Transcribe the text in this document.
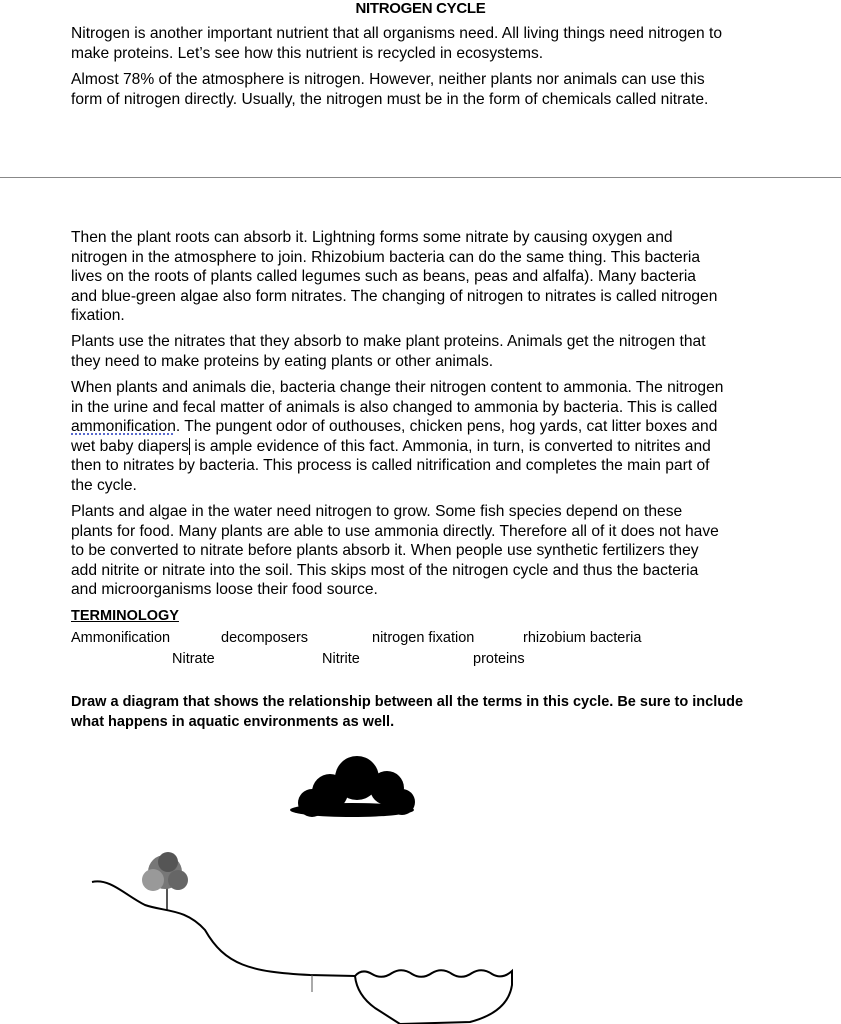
NITROGEN CYCLE
Nitrogen is another important nutrient that all organisms need. All living things need nitrogen to
make proteins. Let’s see how this nutrient is recycled in ecosystems.
Almost 78% of the atmosphere is nitrogen. However, neither plants nor animals can use this
form of nitrogen directly. Usually, the nitrogen must be in the form of chemicals called nitrate.
Then the plant roots can absorb it. Lightning forms some nitrate by causing oxygen and
nitrogen in the atmosphere to join. Rhizobium bacteria can do the same thing. This bacteria
lives on the roots of plants called legumes such as beans, peas and alfalfa). Many bacteria
and blue-green algae also form nitrates. The changing of nitrogen to nitrates is called nitrogen
fixation.
Plants use the nitrates that they absorb to make plant proteins. Animals get the nitrogen that
they need to make proteins by eating plants or other animals.
When plants and animals die, bacteria change their nitrogen content to ammonia. The nitrogen
in the urine and fecal matter of animals is also changed to ammonia by bacteria. This is called
ammonification. The pungent odor of outhouses, chicken pens, hog yards, cat litter boxes and
wet baby diapers is ample evidence of this fact. Ammonia, in turn, is converted to nitrites and
then to nitrates by bacteria. This process is called nitrification and completes the main part of
the cycle.
Plants and algae in the water need nitrogen to grow. Some fish species depend on these
plants for food. Many plants are able to use ammonia directly. Therefore all of it does not have
to be converted to nitrate before plants absorb it. When people use synthetic fertilizers they
add nitrite or nitrate into the soil. This skips most of the nitrogen cycle and thus the bacteria
and microorganisms loose their food source.
TERMINOLOGY
Ammonification	decomposers	nitrogen fixation	rhizobium bacteria
Nitrate	Nitrite	proteins
Draw a diagram that shows the relationship between all the terms in this cycle. Be sure to include
what happens in aquatic environments as well.
